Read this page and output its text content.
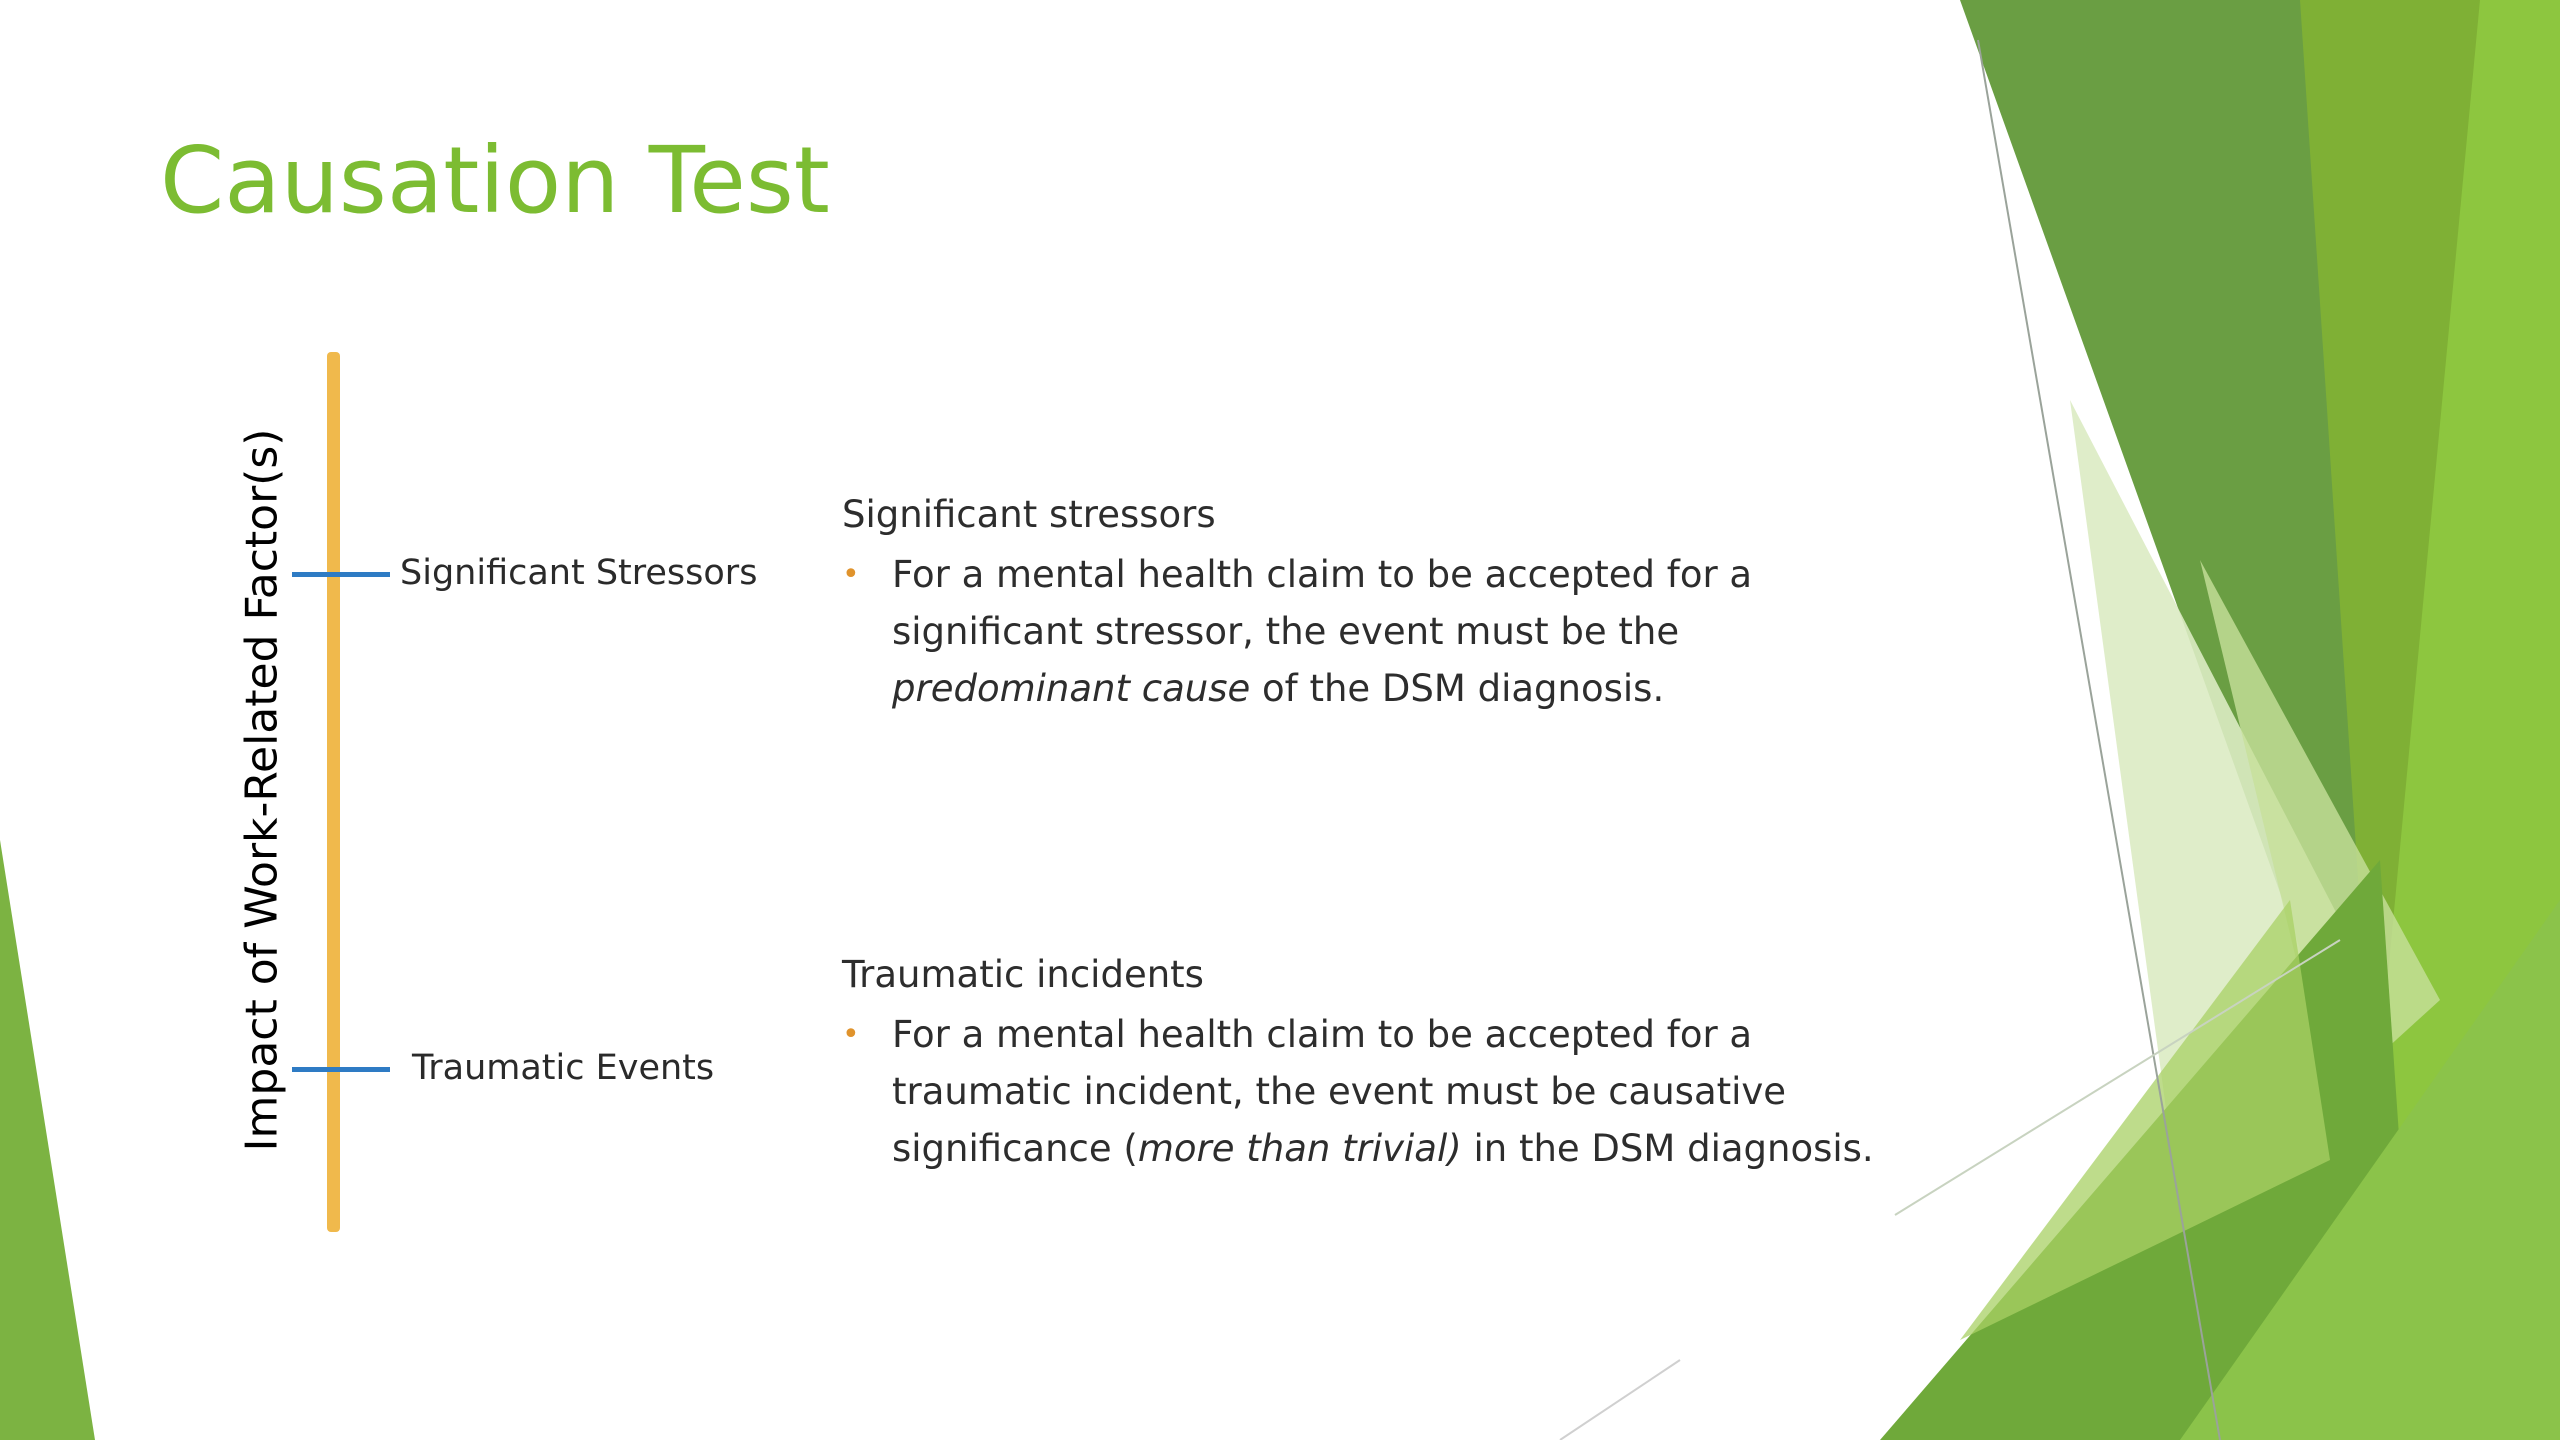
Causation Test
Impact of Work-Related Factor(s)	Significant Stressors
Traumatic Events
Significant stressors
• For a mental health claim to be accepted for a
significant stressor, the event must be the
predominant cause of the DSM diagnosis.
Traumatic incidents
• For a mental health claim to be accepted for a
traumatic incident, the event must be causative
significance (more than trivial) in the DSM diagnosis.
